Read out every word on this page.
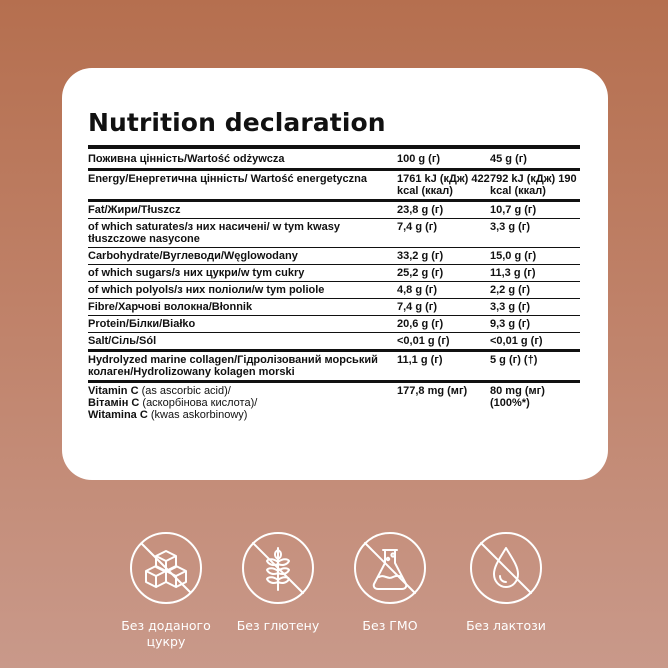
Nutrition declaration
Поживна цінність/Wartość odżywcza	100 g (г)	45 g (г)
Energy/Енергетична цінність/ Wartość energetyczna	1761 kJ (кДж) 422 kcal (ккал)	792 kJ (кДж) 190 kcal (ккал)
Fat/Жири/Tłuszcz	23,8 g (г)	10,7 g (г)
of which saturates/з них насичені/ w tym kwasy tłuszczowe nasycone	7,4 g (г)	3,3 g (г)
Carbohydrate/Вуглеводи/Węglowodany	33,2 g (г)	15,0 g (г)
of which sugars/з них цукри/w tym cukry	25,2 g (г)	11,3 g (г)
of which polyols/з них поліоли/w tym poliole	4,8 g (г)	2,2 g (г)
Fibre/Харчові волокна/Błonnik	7,4 g (г)	3,3 g (г)
Protein/Білки/Białko	20,6 g (г)	9,3 g (г)
Salt/Сіль/Sól	<0,01 g (г)	<0,01 g (г)
Hydrolyzed marine collagen/Гідролізований морський колаген/Hydrolizowany kolagen morski	11,1 g (г)	5 g (г) (†)

Vitamin C (as ascorbic acid)/
Вітамін С (аскорбінова кислота)/
Witamina C (kwas askorbinowy)	177,8 mg (мг)	80 mg (мг) (100%*)
Без доданого цукру
Без глютену	Без ГМО	Без лактози
